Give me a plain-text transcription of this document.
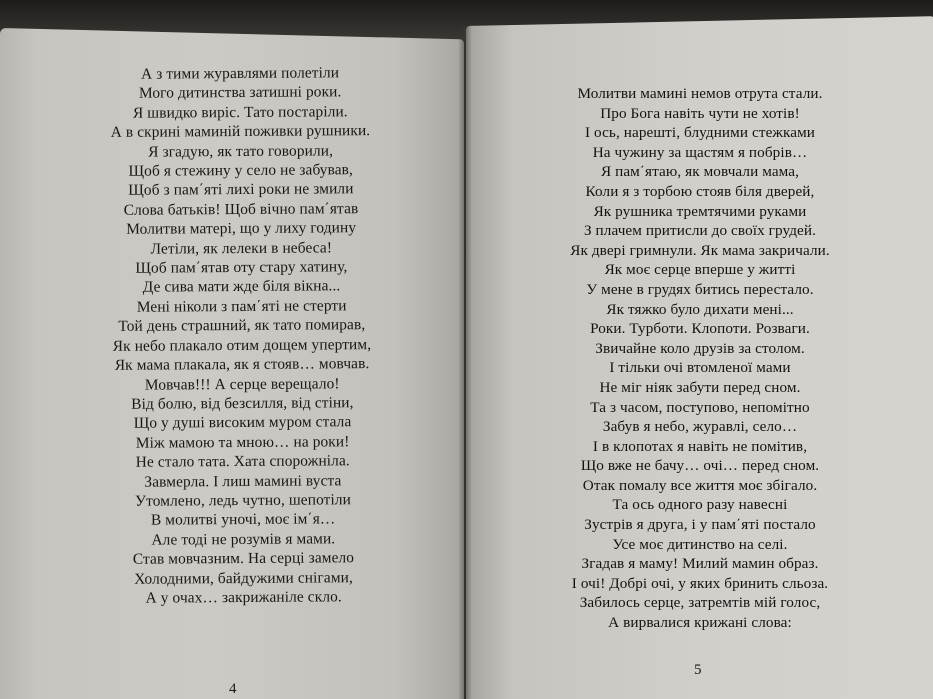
А з тими журавлями полетіли
Мого дитинства затишні роки.
Я швидко виріс. Тато постаріли.
А в скрині маминій поживки рушники.
Я згадую, як тато говорили,
Щоб я стежину у село не забував,
Щоб з пам΄яті лихі роки не змили
Слова батьків! Щоб вічно пам΄ятав
Молитви матері, що у лиху годину
Летіли, як лелеки в небеса!
Щоб пам΄ятав оту стару хатину,
Де сива мати жде біля вікна...
Мені ніколи з пам΄яті не стерти
Той день страшний, як тато помирав,
Як небо плакало отим дощем упертим,
Як мама плакала, як я стояв… мовчав.
Мовчав!!! А серце верещало!
Від болю, від безсилля, від стіни,
Що у душі високим муром стала
Між мамою та мною… на роки!
Не стало тата. Хата спорожніла.
Завмерла. І лиш мамині вуста
Утомлено, ледь чутно, шепотіли
В молитві уночі, моє ім΄я…
Але тоді не розумів я мами.
Став мовчазним. На серці замело
Холодними, байдужими снігами,
А у очах… закрижаніле скло.
Молитви мамині немов отрута стали.
Про Бога навіть чути не хотів!
І ось, нарешті, блудними стежками
На чужину за щастям я побрів…
Я пам΄ятаю, як мовчали мама,
Коли я з торбою стояв біля дверей,
Як рушника тремтячими руками
З плачем притисли до своїх грудей.
Як двері гримнули. Як мама закричали.
Як моє серце вперше у житті
У мене в грудях битись перестало.
Як тяжко було дихати мені...
Роки. Турботи. Клопоти. Розваги.
Звичайне коло друзів за столом.
І тільки очі втомленої мами
Не міг ніяк забути перед сном.
Та з часом, поступово, непомітно
Забув я небо, журавлі, село…
І в клопотах я навіть не помітив,
Що вже не бачу… очі… перед сном.
Отак помалу все життя моє збігало.
Та ось одного разу навесні
Зустрів я друга, і у пам΄яті постало
Усе моє дитинство на селі.
Згадав я маму! Милий мамин образ.
І очі! Добрі очі, у яких бринить сльоза.
Забилось серце, затремтів мій голос,
А вирвалися крижані слова:
4
5
